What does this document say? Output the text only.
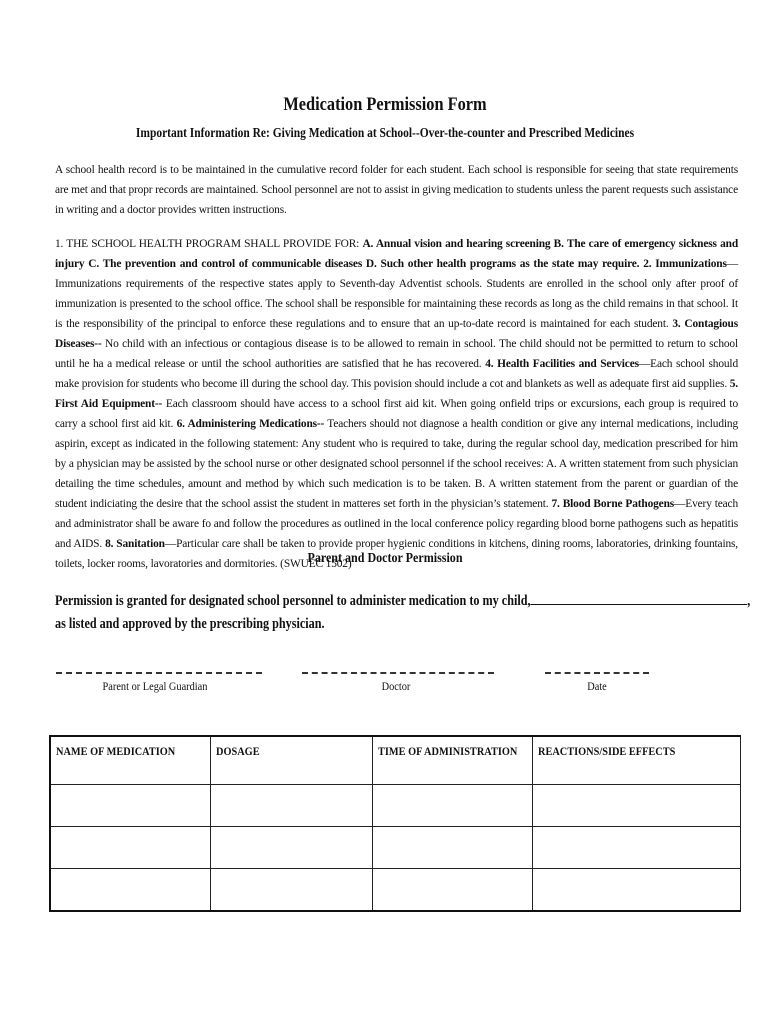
Medication Permission Form
Important Information Re: Giving Medication at School--Over-the-counter and Prescribed Medicines
A school health record is to be maintained in the cumulative record folder for each student. Each school is responsible for seeing that state requirements are met and that propr records are maintained. School personnel are not to assist in giving medication to students unless the parent requests such assistance in writing and a doctor provides written instructions.
1. THE SCHOOL HEALTH PROGRAM SHALL PROVIDE FOR: A. Annual vision and hearing screening B. The care of emergency sickness and injury C. The prevention and control of communicable diseases D. Such other health programs as the state may require. 2. Immunizations—Immunizations requirements of the respective states apply to Seventh-day Adventist schools. Students are enrolled in the school only after proof of immunization is presented to the school office. The school shall be responsible for maintaining these records as long as the child remains in that school. It is the responsibility of the principal to enforce these regulations and to ensure that an up-to-date record is maintained for each student. 3. Contagious Diseases-- No child with an infectious or contagious disease is to be allowed to remain in school. The child should not be permitted to return to school until he ha a medical release or until the school authorities are satisfied that he has recovered. 4. Health Facilities and Services—Each school should make provision for students who become ill during the school day. This povision should include a cot and blankets as well as adequate first aid supplies. 5. First Aid Equipment-- Each classroom should have access to a school first aid kit. When going onfield trips or excursions, each group is required to carry a school first aid kit. 6. Administering Medications-- Teachers should not diagnose a health condition or give any internal medications, including aspirin, except as indicated in the following statement: Any student who is required to take, during the regular school day, medication prescribed for him by a physician may be assisted by the school nurse or other designated school personnel if the school receives: A. A written statement from such physician detailing the time schedules, amount and method by which such medication is to be taken. B. A written statement from the parent or guardian of the student indiciating the desire that the school assist the student in matteres set forth in the physician’s statement. 7. Blood Borne Pathogens—Every teach and administrator shall be aware fo and follow the procedures as outlined in the local conference policy regarding blood borne pathogens such as hepatitis and AIDS. 8. Sanitation—Particular care shall be taken to provide proper hygienic conditions in kitchens, dining rooms, laboratories, drinking fountains, toilets, locker rooms, lavoratories and dormitories. (SWUEC 1502)
Parent and Doctor Permission
Permission is granted for designated school personnel to administer medication to my child,	,
as listed and approved by the prescribing physician.
Parent or Legal Guardian	Doctor	Date
NAME OF MEDICATION	DOSAGE	TIME OF ADMINISTRATION	REACTIONS/SIDE EFFECTS
